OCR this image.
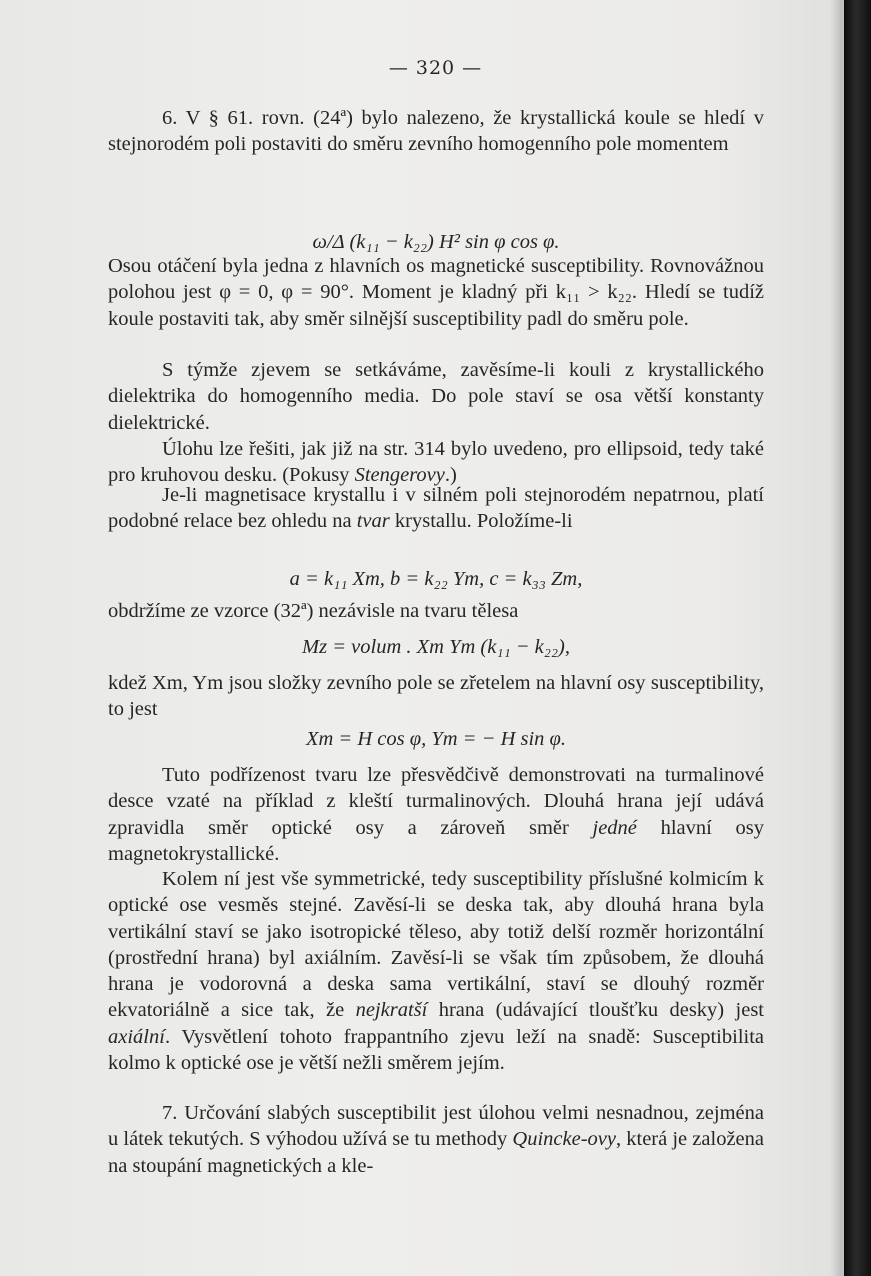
— 320 —

6. V § 61. rovn. (24ª) bylo nalezeno, že krystallická koule se hledí v stejnorodém poli postaviti do směru zevního homogenního pole momentem

ω/Δ (k₁₁ − k₂₂) H² sin φ cos φ.

Osou otáčení byla jedna z hlavních os magnetické susceptibility. Rovnovážnou polohou jest φ = 0, φ = 90°. Moment je kladný při k₁₁ > k₂₂. Hledí se tudíž koule postaviti tak, aby směr silnější susceptibility padl do směru pole.

S týmže zjevem se setkáváme, zavěsíme-li kouli z krystallického dielektrika do homogenního media. Do pole staví se osa větší konstanty dielektrické.

Úlohu lze řešiti, jak již na str. 314 bylo uvedeno, pro ellipsoid, tedy také pro kruhovou desku. (Pokusy Stengerovy.)

Je-li magnetisace krystallu i v silném poli stejnorodém nepatrnou, platí podobné relace bez ohledu na tvar krystallu. Položíme-li

a = k₁₁ Xm, b = k₂₂ Ym, c = k₃₃ Zm,

obdržíme ze vzorce (32ª) nezávisle na tvaru tělesa

Mz = volum . Xm Ym (k₁₁ − k₂₂),

kdež Xm, Ym jsou složky zevního pole se zřetelem na hlavní osy susceptibility, to jest

Xm = H cos φ, Ym = − H sin φ.

Tuto podřízenost tvaru lze přesvědčivě demonstrovati na turmalinové desce vzaté na příklad z kleští turmalinových. Dlouhá hrana její udává zpravidla směr optické osy a zároveň směr jedné hlavní osy magnetokrystallické.

Kolem ní jest vše symmetrické, tedy susceptibility příslušné kolmicím k optické ose vesměs stejné. Zavěsí-li se deska tak, aby dlouhá hrana byla vertikální staví se jako isotropické těleso, aby totiž delší rozměr horizontální (prostřední hrana) byl axiálním. Zavěsí-li se však tím způsobem, že dlouhá hrana je vodorovná a deska sama vertikální, staví se dlouhý rozměr ekvatoriálně a sice tak, že nejkratší hrana (udávající tloušťku desky) jest axiální. Vysvětlení tohoto frappantního zjevu leží na snadě: Susceptibilita kolmo k optické ose je větší nežli směrem jejím.

7. Určování slabých susceptibilit jest úlohou velmi nesnadnou, zejména u látek tekutých. S výhodou užívá se tu methody Quincke-ovy, která je založena na stoupání magnetických a kle-
